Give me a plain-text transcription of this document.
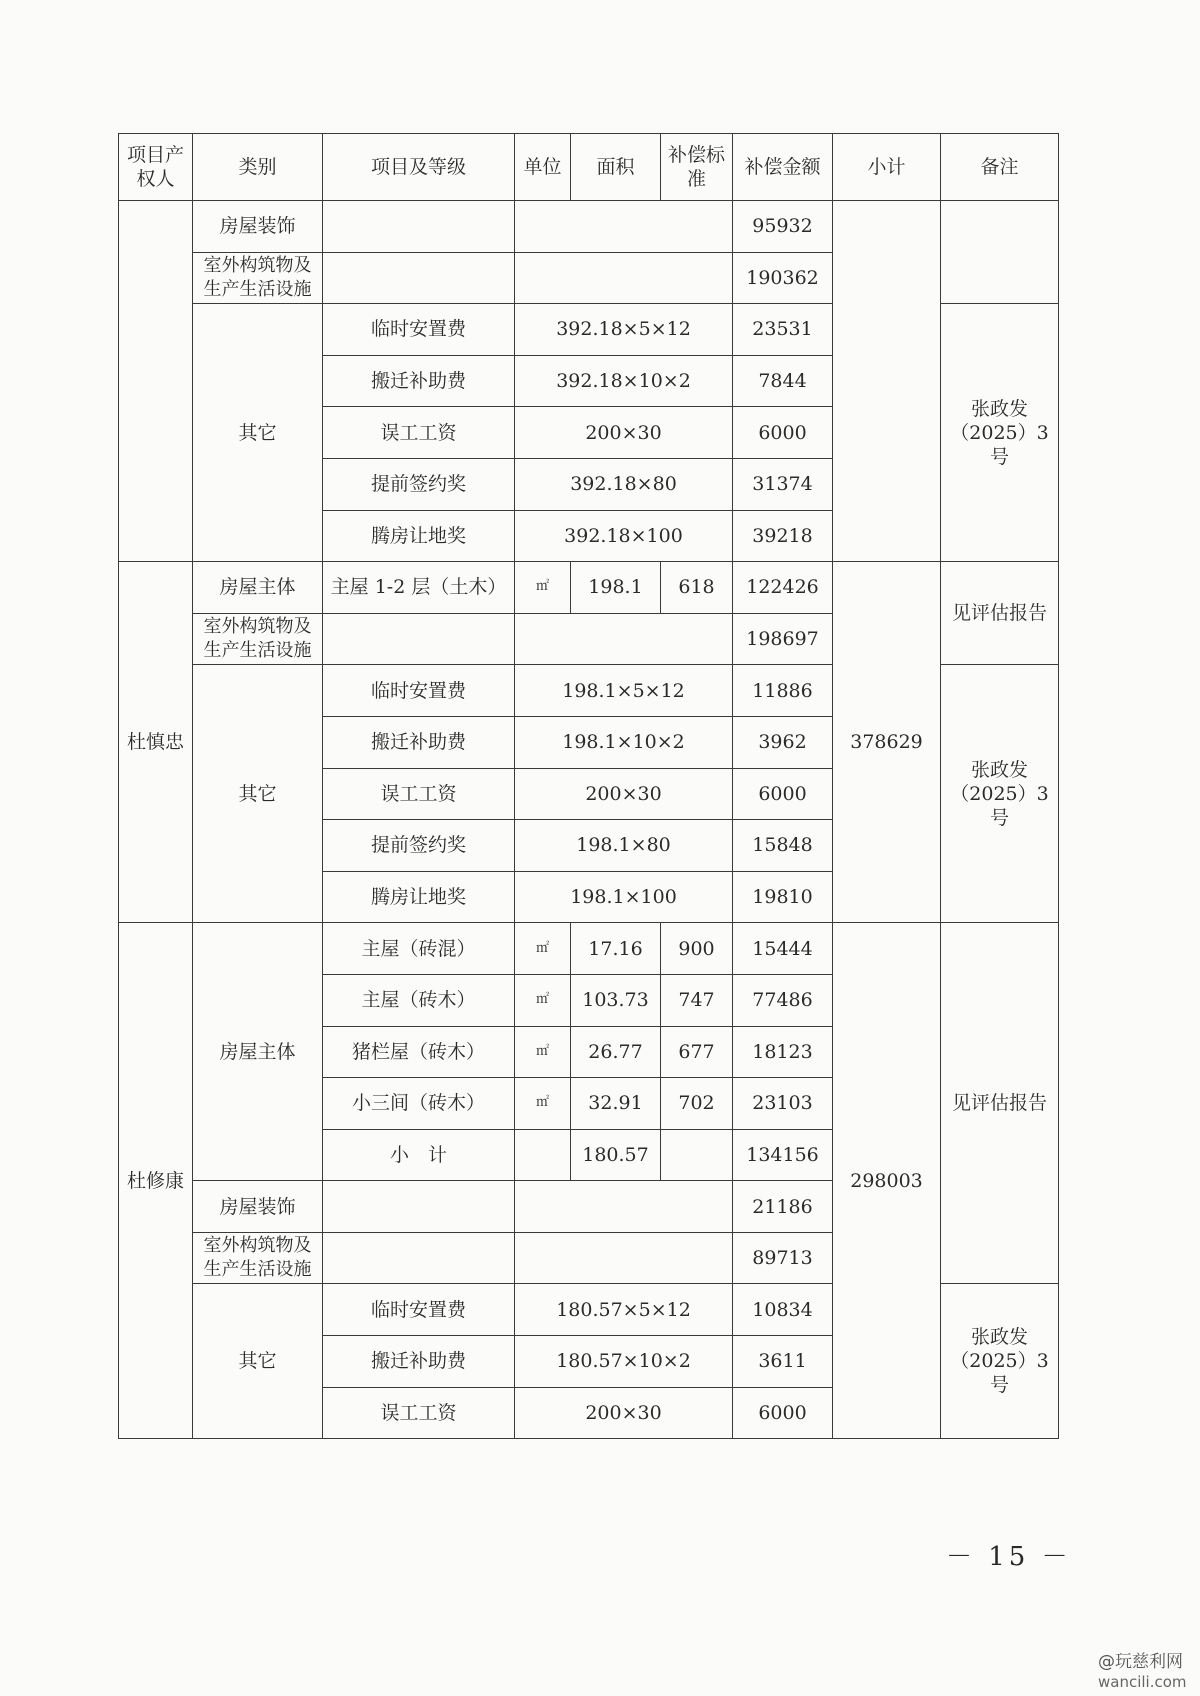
项目产权人	类别	项目及等级	单位	面积	补偿标准	补偿金额	小计	备注
	房屋装饰					95932		
	室外构筑物及生产生活设施					190362		
	其它	临时安置费	392.18×5×12			23531		张政发（2025）3号
		搬迁补助费	392.18×10×2			7844		
		误工工资	200×30			6000		
		提前签约奖	392.18×80			31374		
		腾房让地奖	392.18×100			39218		
杜慎忠	房屋主体	主屋 1-2 层（土木）	㎡	198.1	618	122426	378629	见评估报告
	室外构筑物及生产生活设施					198697		
	其它	临时安置费	198.1×5×12			11886		张政发（2025）3号
		搬迁补助费	198.1×10×2			3962		
		误工工资	200×30			6000		
		提前签约奖	198.1×80			15848		
		腾房让地奖	198.1×100			19810		
杜修康	房屋主体	主屋（砖混）	㎡	17.16	900	15444	298003	见评估报告
		主屋（砖木）	㎡	103.73	747	77486		
		猪栏屋（砖木）	㎡	26.77	677	18123		
		小三间（砖木）	㎡	32.91	702	23103		
		小　计		180.57		134156		
	房屋装饰					21186		
	室外构筑物及生产生活设施					89713		
	其它	临时安置费	180.57×5×12			10834		张政发（2025）3号
		搬迁补助费	180.57×10×2			3611		
		误工工资	200×30			6000		
－ 15 －
@玩慈利网
wancili.com
